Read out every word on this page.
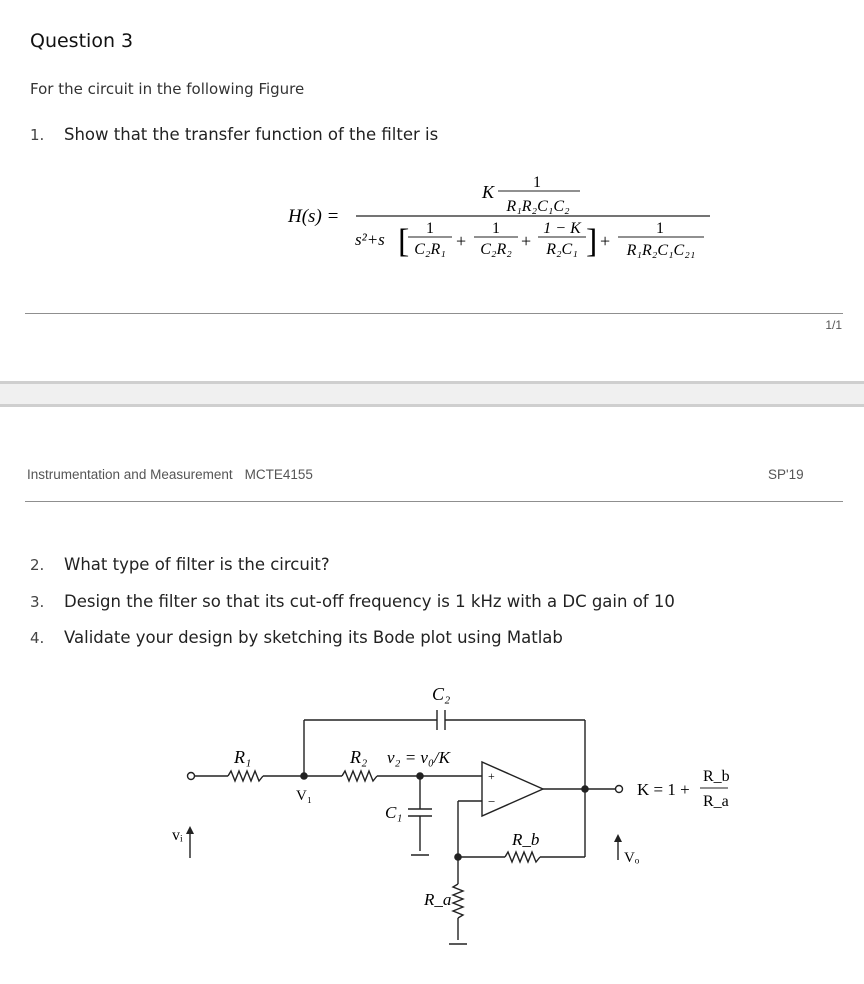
Question 3
For the circuit in the following Figure
1. Show that the transfer function of the filter is
H(s) =
K 1
R₁R₂C₁C₂
s²+s [ 1
C₂R₁ +
1
C₂R₂ +
1 − K
R₂C₁ ] +
1
R₁R₂C₁C₂₁
1/1
Instrumentation and Measurement MCTE4155	SP'19
2. What type of filter is the circuit?
3. Design the filter so that its cut-off frequency is 1 kHz with a DC gain of 10
4. Validate your design by sketching its Bode plot using Matlab
C₂
R₁	R₂ v₂ = v₀/K
V₁
C₁
R_b
R_a
vᵢ
Vₒ
+
−
K = 1 +
R_b
R_a
